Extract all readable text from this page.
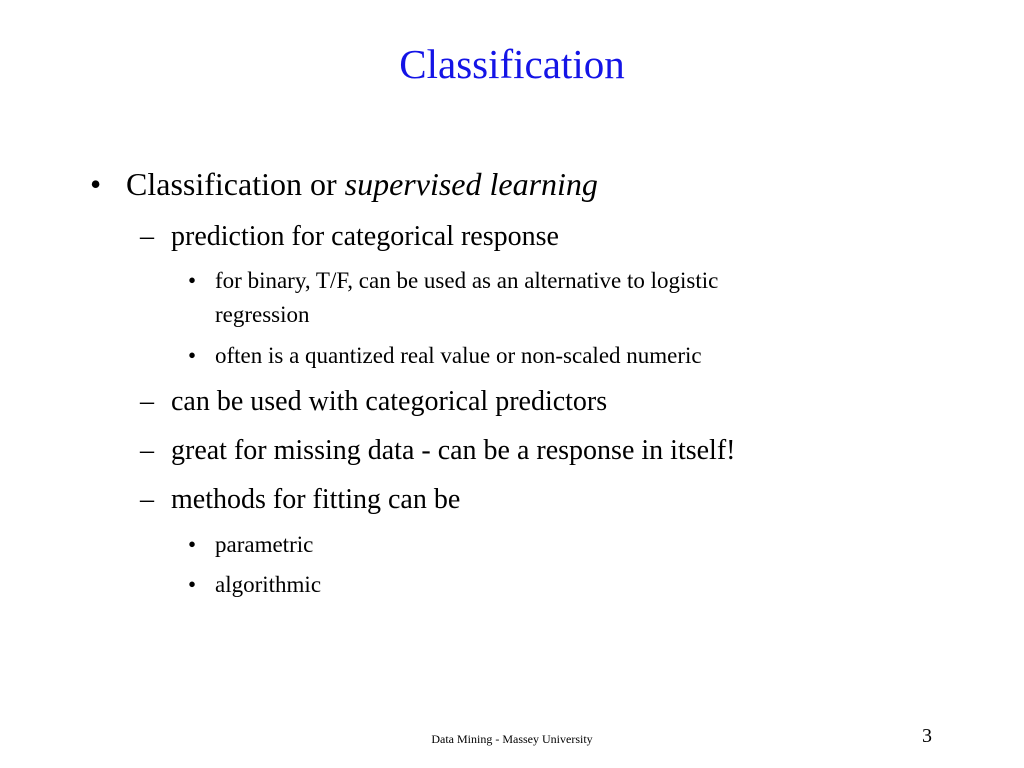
Classification
• Classification or supervised learning
– prediction for categorical response
• for binary, T/F, can be used as an alternative to logistic
regression
• often is a quantized real value or non-scaled numeric
– can be used with categorical predictors
– great for missing data - can be a response in itself!
– methods for fitting can be
• parametric
• algorithmic
Data Mining - Massey University	3
